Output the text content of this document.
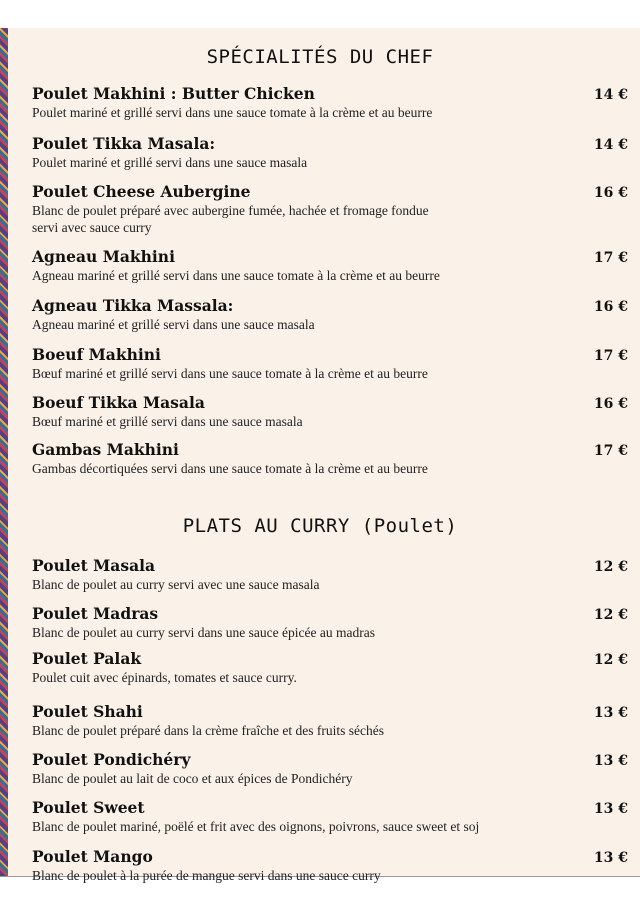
SPÉCIALITÉS DU CHEF
PLATS AU CURRY (Poulet)
Poulet Makhini : Butter Chicken
Poulet mariné et grillé servi dans une sauce tomate à la crème et au beurre
14 €
Poulet Tikka Masala:
Poulet mariné et grillé servi dans une sauce masala
14 €
Poulet Cheese Aubergine
Blanc de poulet préparé avec aubergine fumée, hachée et fromage fondue
servi avec sauce curry
16 €
Agneau Makhini
Agneau mariné et grillé servi dans une sauce tomate à la crème et au beurre
17 €
Agneau Tikka Massala:
Agneau mariné et grillé servi dans une sauce masala
16 €
Boeuf Makhini
Bœuf mariné et grillé servi dans une sauce tomate à la crème et au beurre
17 €
Boeuf Tikka Masala
Bœuf mariné et grillé servi dans une sauce masala
16 €
Gambas Makhini
Gambas décortiquées servi dans une sauce tomate à la crème et au beurre
17 €
Poulet Masala
Blanc de poulet au curry servi avec une sauce masala
12 €
Poulet Madras
Blanc de poulet au curry servi dans une sauce épicée au madras
12 €
Poulet Palak
Poulet cuit avec épinards, tomates et sauce curry.
12 €
Poulet Shahi
Blanc de poulet préparé dans la crème fraîche et des fruits séchés
13 €
Poulet Pondichéry
Blanc de poulet au lait de coco et aux épices de Pondichéry
13 €
Poulet Sweet
Blanc de poulet mariné, poëlé et frit avec des oignons, poivrons, sauce sweet et soj
13 €
Poulet Mango
Blanc de poulet à la purée de mangue servi dans une sauce curry
13 €
